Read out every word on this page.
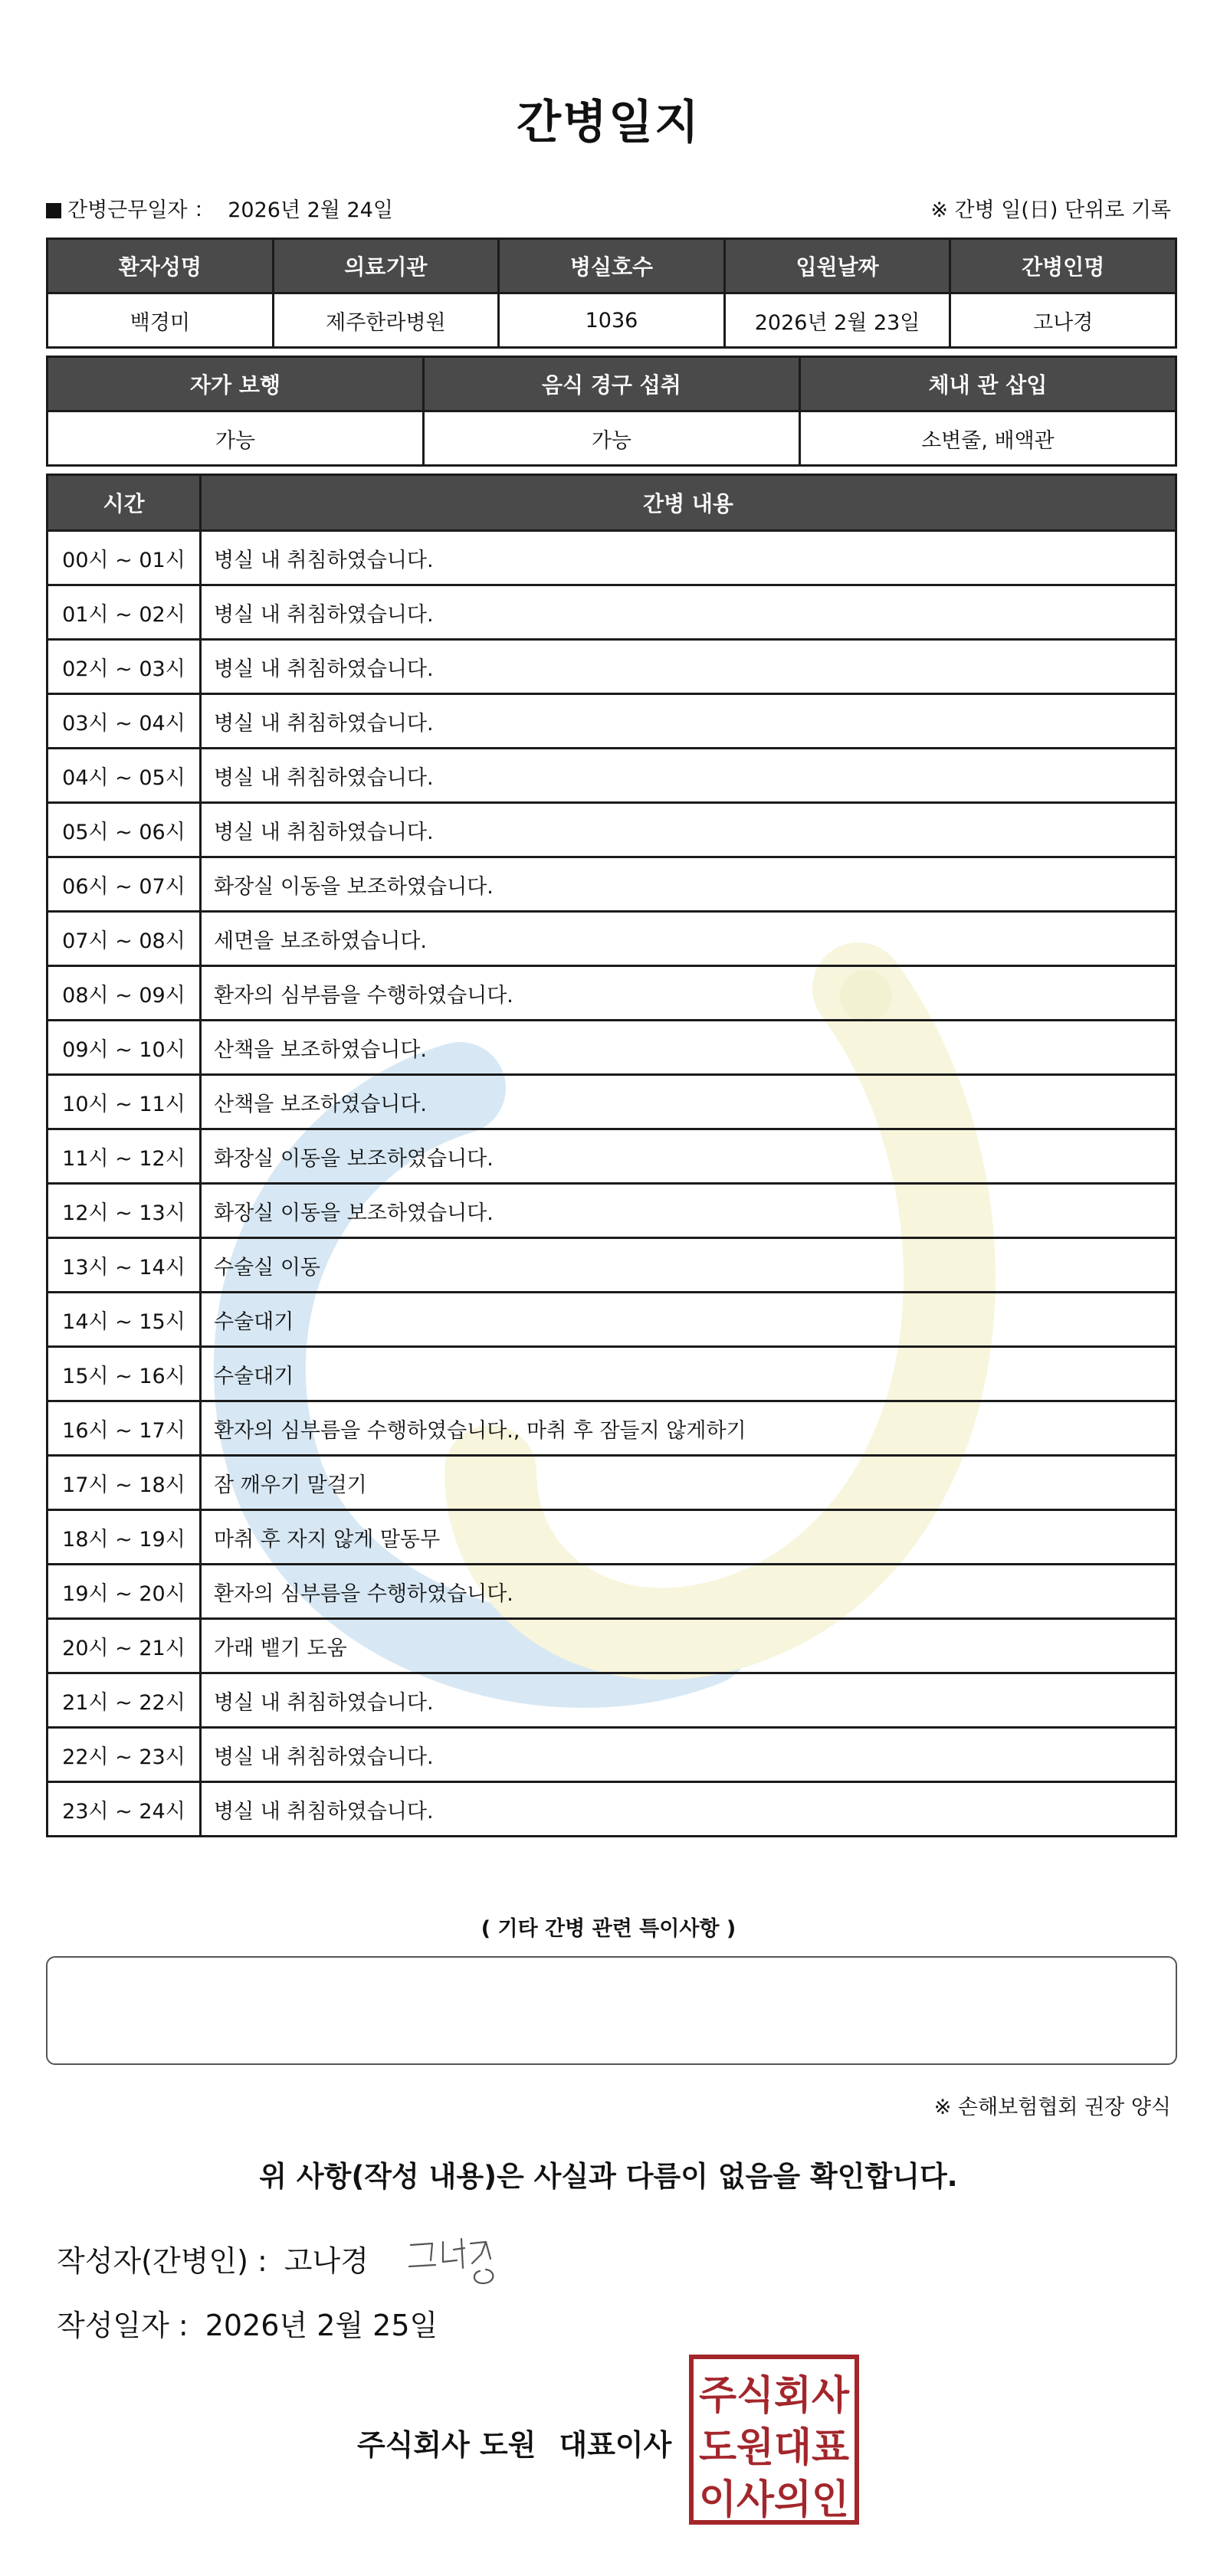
간병일지
간병근무일자 ： 2026년 2월 24일	※ 간병 일(日) 단위로 기록
환자성명	의료기관	병실호수	입원날짜	간병인명
백경미	제주한라병원	1036	2026년 2월 23일	고나경
자가 보행	음식 경구 섭취	체내 관 삽입
가능	가능	소변줄, 배액관
시간	간병 내용
00시 ~ 01시	병실 내 취침하였습니다.
01시 ~ 02시	병실 내 취침하였습니다.
02시 ~ 03시	병실 내 취침하였습니다.
03시 ~ 04시	병실 내 취침하였습니다.
04시 ~ 05시	병실 내 취침하였습니다.
05시 ~ 06시	병실 내 취침하였습니다.
06시 ~ 07시	화장실 이동을 보조하였습니다.
07시 ~ 08시	세면을 보조하였습니다.
08시 ~ 09시	환자의 심부름을 수행하였습니다.
09시 ~ 10시	산책을 보조하였습니다.
10시 ~ 11시	산책을 보조하였습니다.
11시 ~ 12시	화장실 이동을 보조하였습니다.
12시 ~ 13시	화장실 이동을 보조하였습니다.
13시 ~ 14시	수술실 이동
14시 ~ 15시	수술대기
15시 ~ 16시	수술대기
16시 ~ 17시	환자의 심부름을 수행하였습니다., 마취 후 잠들지 않게하기
17시 ~ 18시	잠 깨우기 말걸기
18시 ~ 19시	마취 후 자지 않게 말동무
19시 ~ 20시	환자의 심부름을 수행하였습니다.
20시 ~ 21시	가래 뱉기 도움
21시 ~ 22시	병실 내 취침하였습니다.
22시 ~ 23시	병실 내 취침하였습니다.
23시 ~ 24시	병실 내 취침하였습니다.
( 기타 간병 관련 특이사항 )
※ 손해보험협회 권장 양식
위 사항(작성 내용)은 사실과 다름이 없음을 확인합니다.
작성자(간병인) : 고나경
작성일자 : 2026년 2월 25일
주식회사 도원 대표이사
주식회사
도원대표
이사의인
